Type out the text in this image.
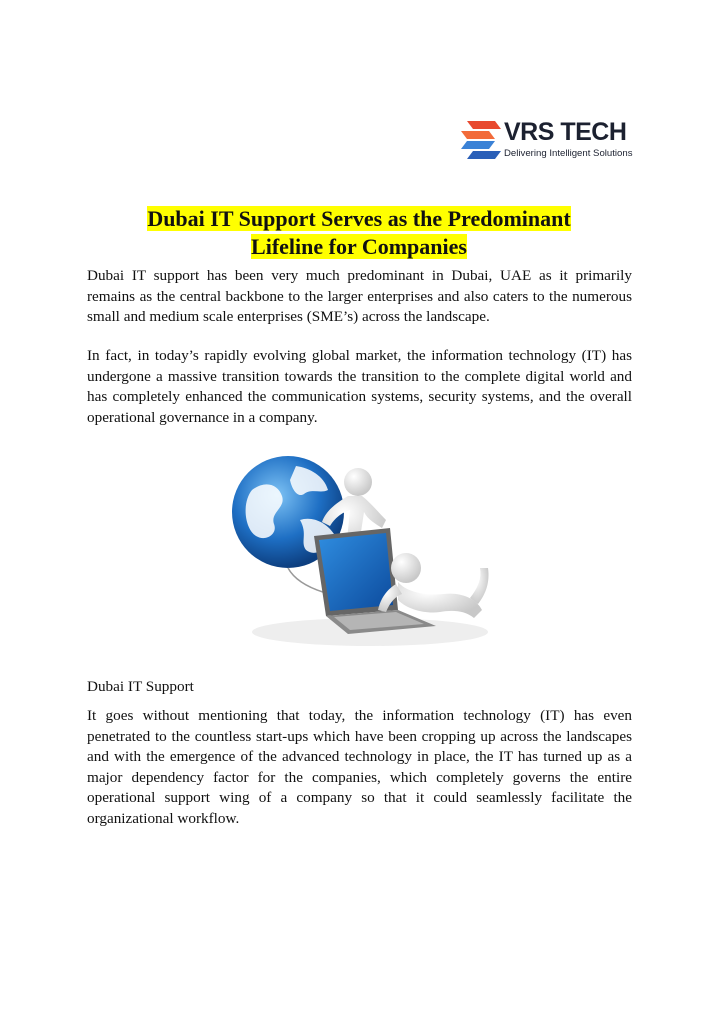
VRS TECH
Delivering Intelligent Solutions
Dubai IT Support Serves as the Predominant
Lifeline for Companies

Dubai IT support has been very much predominant in Dubai, UAE as it primarily remains as the central backbone to the larger enterprises and also caters to the numerous small and medium scale enterprises (SME’s) across the landscape.

In fact, in today’s rapidly evolving global market, the information technology (IT) has undergone a massive transition towards the transition to the complete digital world and has completely enhanced the communication systems, security systems, and the overall operational governance in a company.

Dubai IT Support

It goes without mentioning that today, the information technology (IT) has even penetrated to the countless start-ups which have been cropping up across the landscapes and with the emergence of the advanced technology in place, the IT has turned up as a major dependency factor for the companies, which completely governs the entire operational support wing of a company so that it could seamlessly facilitate the organizational workflow.
